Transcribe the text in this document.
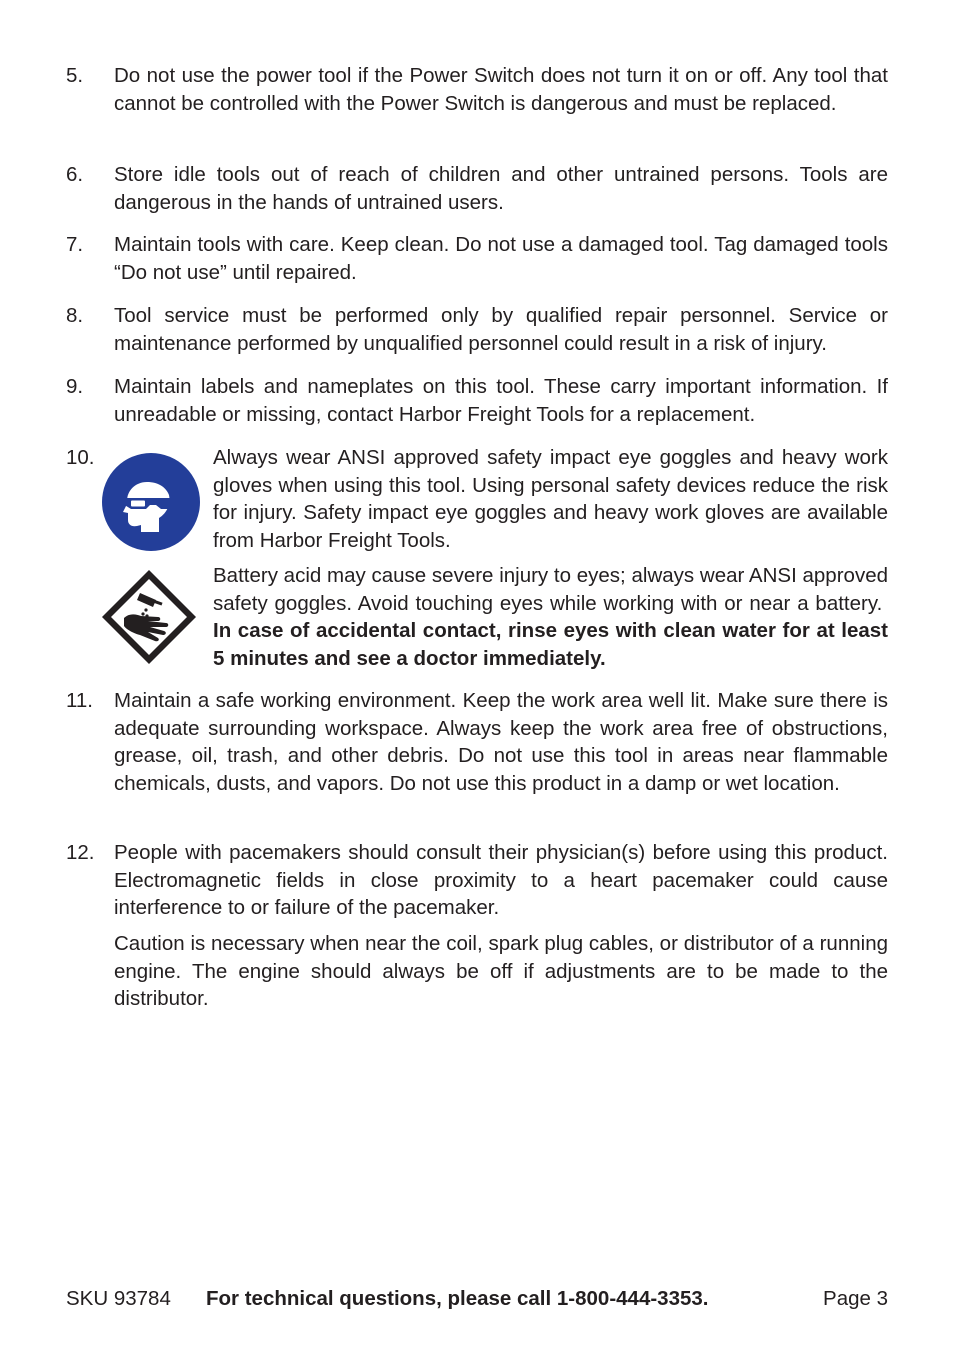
5. Do not use the power tool if the Power Switch does not turn it on or off. Any tool that cannot be controlled with the Power Switch is dangerous and must be replaced.
6. Store idle tools out of reach of children and other untrained persons. Tools are dangerous in the hands of untrained users.
7. Maintain tools with care. Keep clean. Do not use a damaged tool. Tag damaged tools “Do not use” until repaired.
8. Tool service must be performed only by qualified repair personnel. Service or maintenance performed by unqualified personnel could result in a risk of injury.
9. Maintain labels and nameplates on this tool. These carry important information. If unreadable or missing, contact Harbor Freight Tools for a replacement.
10.	Always wear ANSI approved safety impact eye goggles and heavy work gloves when using this tool. Using personal safety devices reduce the risk for injury. Safety impact eye goggles and heavy work gloves are available from Harbor Freight Tools.
Battery acid may cause severe injury to eyes; always wear ANSI approved safety goggles. Avoid touching eyes while working with or near a battery.  In case of accidental contact, rinse eyes with clean water for at least 5 minutes and see a doctor immediately.
11. Maintain a safe working environment. Keep the work area well lit. Make sure there is adequate surrounding workspace. Always keep the work area free of obstructions, grease, oil, trash, and other debris. Do not use this tool in areas near flammable chemicals, dusts, and vapors. Do not use this product in a damp or wet location.
12. People with pacemakers should consult their physician(s) before using this product. Electromagnetic fields in close proximity to a heart pacemaker could cause interference to or failure of the pacemaker.
Caution is necessary when near the coil, spark plug cables, or distributor of a running engine. The engine should always be off if adjustments are to be made to the distributor.
SKU 93784 For technical questions, please call 1-800-444-3353.	Page 3
